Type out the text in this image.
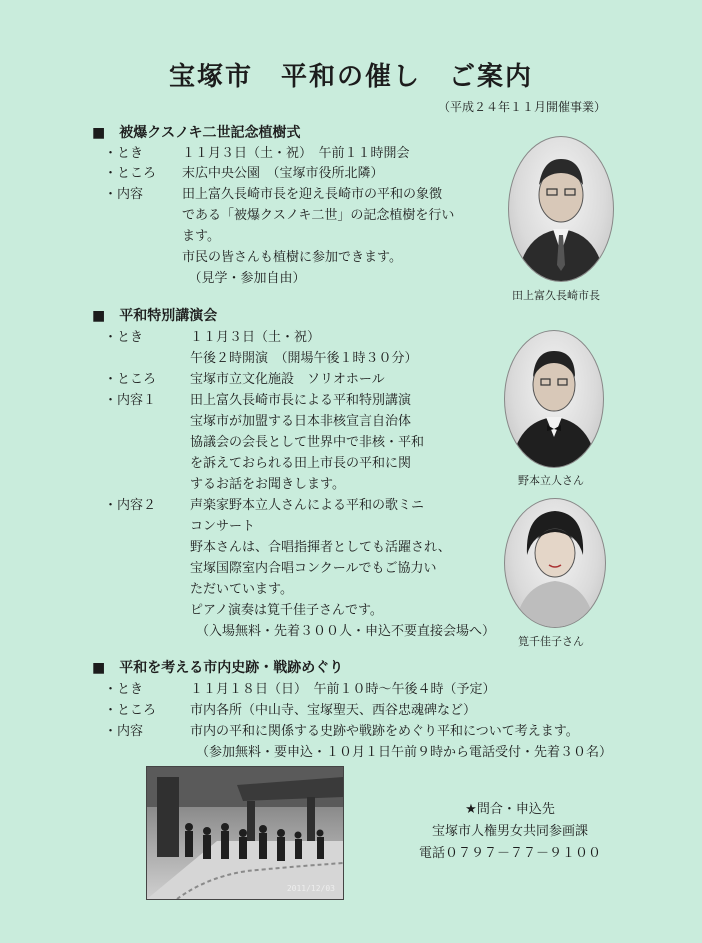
宝塚市　平和の催し　ご案内
（平成２４年１１月開催事業）
■　被爆クスノキ二世記念植樹式
・とき	１１月３日（土・祝）　午前１１時開会
・ところ 末広中央公園　（宝塚市役所北隣）
・内容	田上富久長崎市長を迎え長崎市の平和の象徴
である「被爆クスノキ二世」の記念植樹を行い
ます。
市民の皆さんも植樹に参加できます。
　（見学・参加自由）
■　平和特別講演会
・とき	１１月３日（土・祝）
午後２時開演　（開場午後１時３０分）
・ところ	宝塚市立文化施設　ソリオホール
・内容１	田上富久長崎市長による平和特別講演
宝塚市が加盟する日本非核宣言自治体
協議会の会長として世界中で非核・平和
を訴えておられる田上市長の平和に関
するお話をお聞きします。
・内容２	声楽家野本立人さんによる平和の歌ミニ
コンサート
野本さんは、合唱指揮者としても活躍され、
宝塚国際室内合唱コンクールでもご協力い
ただいています。
ピアノ演奏は筧千佳子さんです。
（入場無料・先着３００人・申込不要直接会場へ）
■　平和を考える市内史跡・戦跡めぐり
・とき	１１月１８日（日）　午前１０時～午後４時（予定）
・ところ	市内各所（中山寺、宝塚聖天、西谷忠魂碑など）
・内容	市内の平和に関係する史跡や戦跡をめぐり平和について考えます。
（参加無料・要申込・１０月１日午前９時から電話受付・先着３０名）
田上富久長崎市長
野本立人さん
筧千佳子さん
2011/12/03
★問合・申込先
宝塚市人権男女共同参画課
電話０７９７－７７－９１００
